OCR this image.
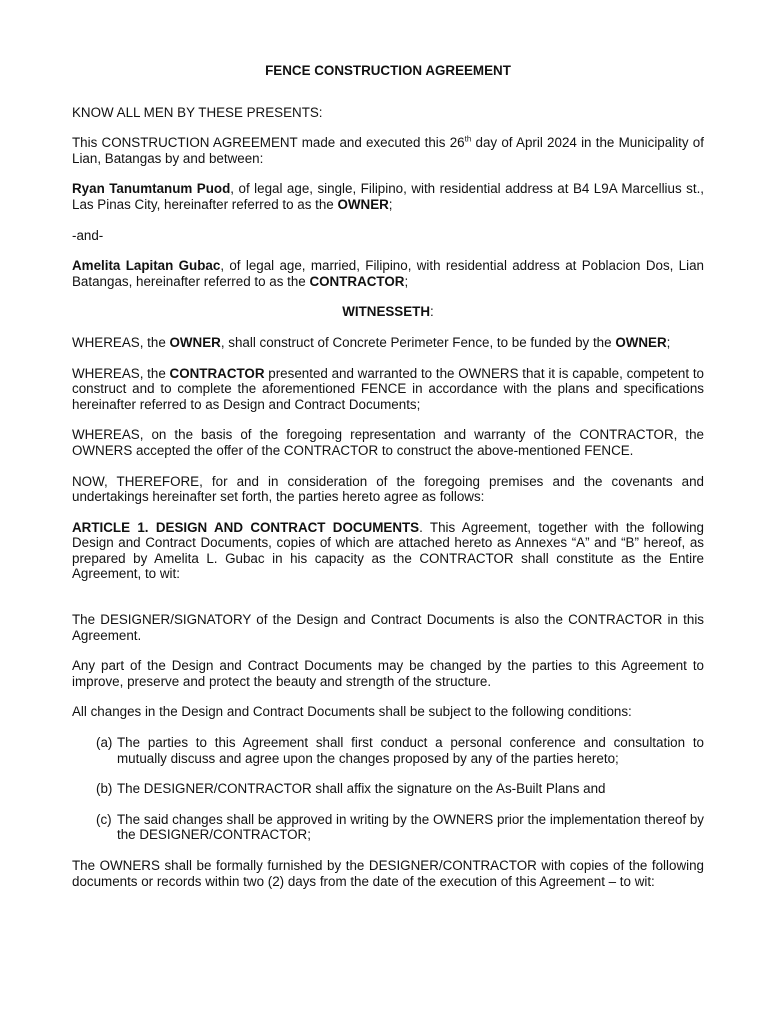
FENCE CONSTRUCTION AGREEMENT

KNOW ALL MEN BY THESE PRESENTS:

This CONSTRUCTION AGREEMENT made and executed this 26th day of April 2024 in the Municipality of Lian, Batangas by and between:

Ryan Tanumtanum Puod, of legal age, single, Filipino, with residential address at B4 L9A Marcellius st., Las Pinas City, hereinafter referred to as the OWNER;

-and-

Amelita Lapitan Gubac, of legal age, married, Filipino, with residential address at Poblacion Dos, Lian Batangas, hereinafter referred to as the CONTRACTOR;

WITNESSETH:

WHEREAS, the OWNER, shall construct of Concrete Perimeter Fence, to be funded by the OWNER;

WHEREAS, the CONTRACTOR presented and warranted to the OWNERS that it is capable, competent to construct and to complete the aforementioned FENCE in accordance with the plans and specifications hereinafter referred to as Design and Contract Documents;

WHEREAS, on the basis of the foregoing representation and warranty of the CONTRACTOR, the OWNERS accepted the offer of the CONTRACTOR to construct the above-mentioned FENCE.

NOW, THEREFORE, for and in consideration of the foregoing premises and the covenants and undertakings hereinafter set forth, the parties hereto agree as follows:

ARTICLE 1. DESIGN AND CONTRACT DOCUMENTS. This Agreement, together with the following Design and Contract Documents, copies of which are attached hereto as Annexes “A” and “B” hereof, as prepared by Amelita L. Gubac in his capacity as the CONTRACTOR shall constitute as the Entire Agreement, to wit:

The DESIGNER/SIGNATORY of the Design and Contract Documents is also the CONTRACTOR in this Agreement.

Any part of the Design and Contract Documents may be changed by the parties to this Agreement to improve, preserve and protect the beauty and strength of the structure.

All changes in the Design and Contract Documents shall be subject to the following conditions:

(a) The parties to this Agreement shall first conduct a personal conference and consultation to mutually discuss and agree upon the changes proposed by any of the parties hereto;
(b) The DESIGNER/CONTRACTOR shall affix the signature on the As-Built Plans and
(c) The said changes shall be approved in writing by the OWNERS prior the implementation thereof by the DESIGNER/CONTRACTOR;

The OWNERS shall be formally furnished by the DESIGNER/CONTRACTOR with copies of the following documents or records within two (2) days from the date of the execution of this Agreement – to wit:
